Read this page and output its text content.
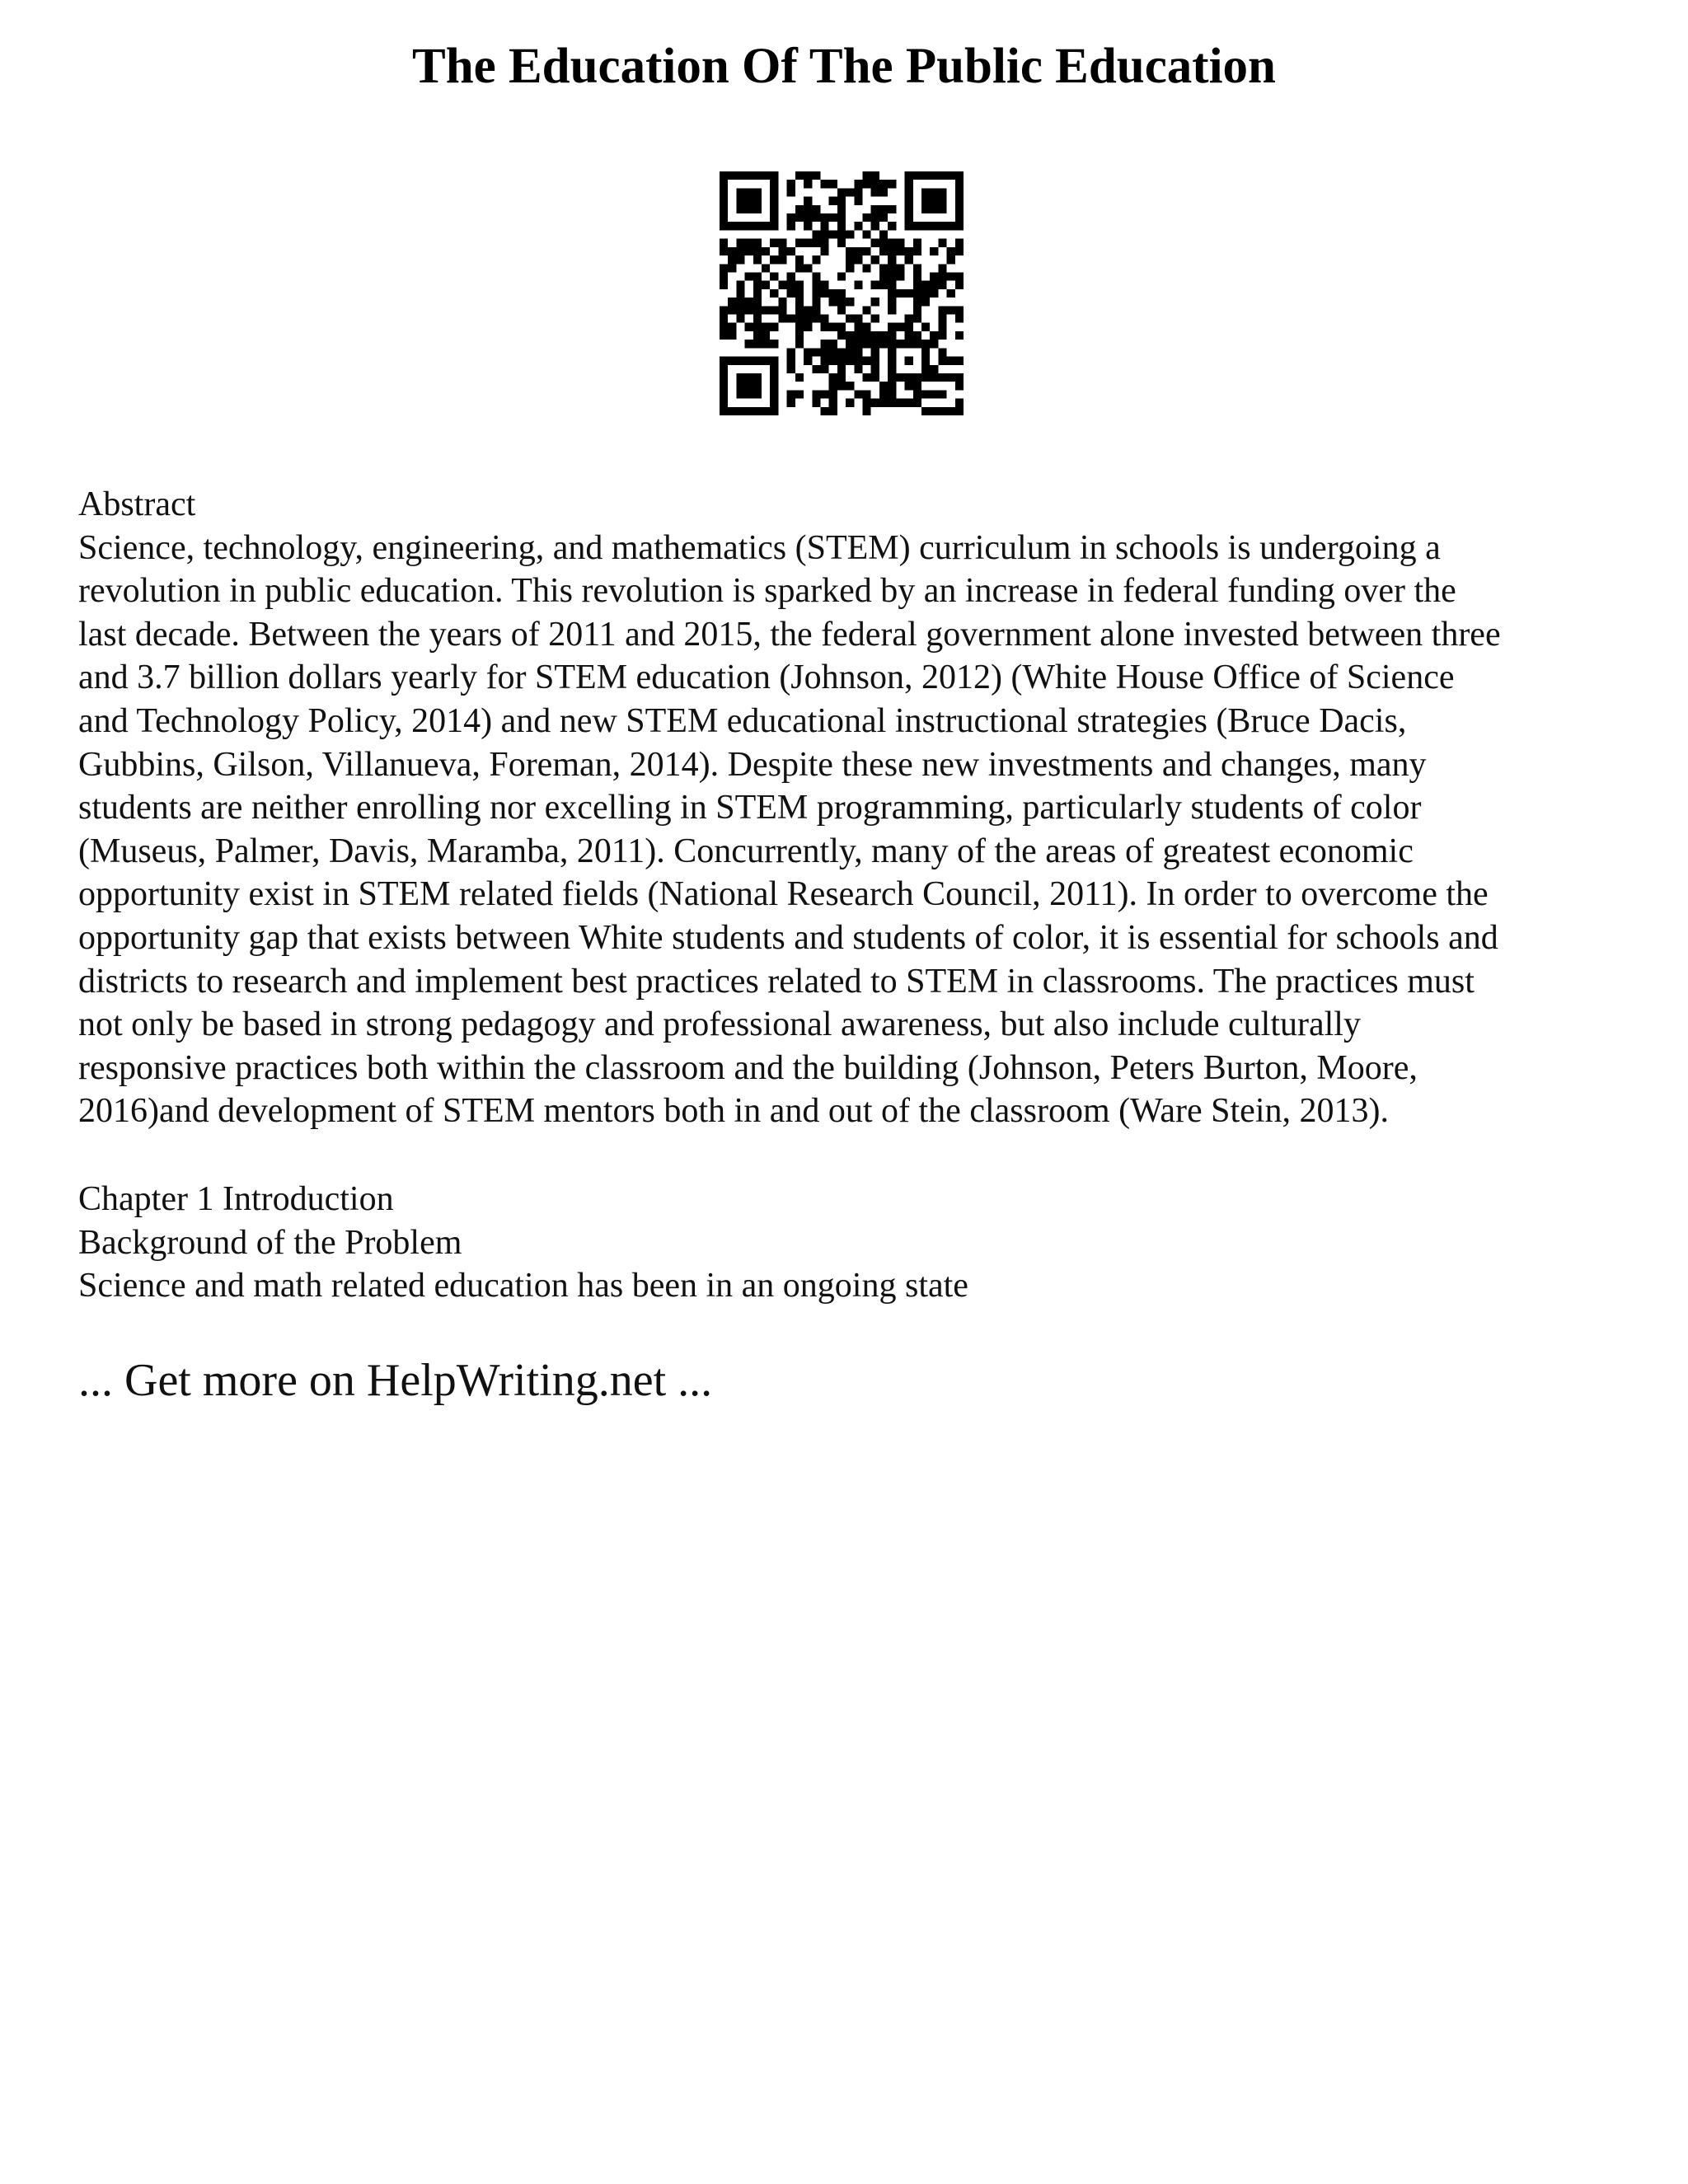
The Education Of The Public Education

Abstract

Science, technology, engineering, and mathematics (STEM) curriculum in schools is undergoing a
revolution in public education. This revolution is sparked by an increase in federal funding over the
last decade. Between the years of 2011 and 2015, the federal government alone invested between three
and 3.7 billion dollars yearly for STEM education (Johnson, 2012) (White House Office of Science
and Technology Policy, 2014) and new STEM educational instructional strategies (Bruce Dacis,
Gubbins, Gilson, Villanueva, Foreman, 2014). Despite these new investments and changes, many
students are neither enrolling nor excelling in STEM programming, particularly students of color
(Museus, Palmer, Davis, Maramba, 2011). Concurrently, many of the areas of greatest economic
opportunity exist in STEM related fields (National Research Council, 2011). In order to overcome the
opportunity gap that exists between White students and students of color, it is essential for schools and
districts to research and implement best practices related to STEM in classrooms. The practices must
not only be based in strong pedagogy and professional awareness, but also include culturally
responsive practices both within the classroom and the building (Johnson, Peters Burton, Moore,
2016)and development of STEM mentors both in and out of the classroom (Ware Stein, 2013).

Chapter 1 Introduction

Background of the Problem

Science and math related education has been in an ongoing state

... Get more on HelpWriting.net ...
